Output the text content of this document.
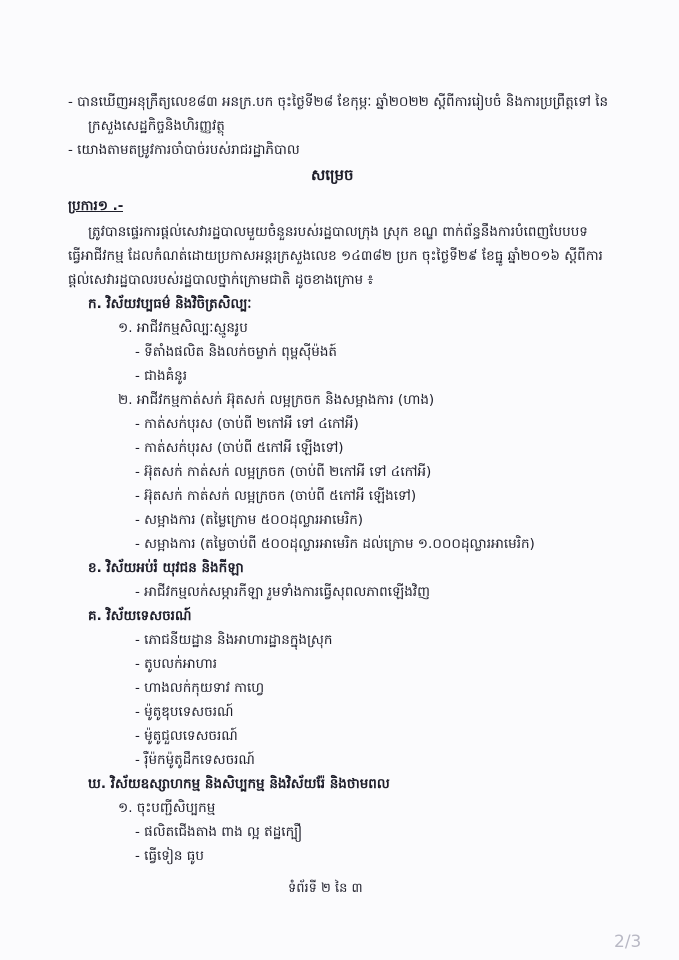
- បានឃើញអនុក្រឹត្យលេខ៨៣ អនក្រ.បក ចុះថ្ងៃទី២៨ ខែកុម្ភៈ ឆ្នាំ២០២២ ស្តីពីការរៀបចំ និងការប្រព្រឹត្តទៅ នៃ
ក្រសួងសេដ្ឋកិច្ចនិងហិរញ្ញវត្ថុ
- យោងតាមតម្រូវការចាំបាច់របស់រាជរដ្ឋាភិបាល
សម្រេច
ប្រការ១ .-
ត្រូវបានផ្ទេរការផ្តល់សេវារដ្ឋបាលមួយចំនួនរបស់រដ្ឋបាលក្រុង ស្រុក ខណ្ឌ ពាក់ព័ន្ធនឹងការបំពេញបែបបទ
ធ្វើអាជីវកម្ម ដែលកំណត់ដោយប្រកាសអន្តរក្រសួងលេខ ១៤៣៨២ ប្រក ចុះថ្ងៃទី២៩ ខែធ្នូ ឆ្នាំ២០១៦ ស្តីពីការ
ផ្តល់សេវារដ្ឋបាលរបស់រដ្ឋបាលថ្នាក់ក្រោមជាតិ ដូចខាងក្រោម ៖
ក. វិស័យវប្បធម៌ និងវិចិត្រសិល្បៈ
១. អាជីវកម្មសិល្បៈស្មូនរូប
- ទីតាំងផលិត និងលក់ចម្លាក់ ពុម្ពស៊ីម៉ងត៍
- ជាងគំនូរ
២. អាជីវកម្មកាត់សក់ អ៊ុតសក់ លម្អក្រចក និងសម្អាងការ (ហាង)
- កាត់សក់បុរស (ចាប់ពី ២កៅអី ទៅ ៤កៅអី)
- កាត់សក់បុរស (ចាប់ពី ៥កៅអី ឡើងទៅ)
- អ៊ុតសក់ កាត់សក់ លម្អក្រចក (ចាប់ពី ២កៅអី ទៅ ៤កៅអី)
- អ៊ុតសក់ កាត់សក់ លម្អក្រចក (ចាប់ពី ៥កៅអី ឡើងទៅ)
- សម្អាងការ (តម្លៃក្រោម ៥០០ដុល្លារអាមេរិក)
- សម្អាងការ (តម្លៃចាប់ពី ៥០០ដុល្លារអាមេរិក ដល់ក្រោម ១.០០០ដុល្លារអាមេរិក)
ខ. វិស័យអប់រំ យុវជន និងកីឡា
- អាជីវកម្មលក់សម្ភារកីឡា រួមទាំងការធ្វើសុពលភាពឡើងវិញ
គ. វិស័យទេសចរណ៍
- ភោជនីយដ្ឋាន និងអាហារដ្ឋានក្នុងស្រុក
- តូបលក់អាហារ
- ហាងលក់កុយទាវ កាហ្វេ
- ម៉ូតូឌុបទេសចរណ៍
- ម៉ូតូជួលទេសចរណ៍
- រ៉ឺម៉កម៉ូតូដឹកទេសចរណ៍
ឃ. វិស័យឧស្សាហកម្ម និងសិប្បកម្ម និងវិស័យរ៉ែ និងថាមពល
១. ចុះបញ្ជីសិប្បកម្ម
- ផលិតជើងតាង ពាង ល្អ ឥដ្ឋក្បឿ
- ធ្វើទៀន ធូប
ទំព័រទី ២ នៃ ៣
2/3
